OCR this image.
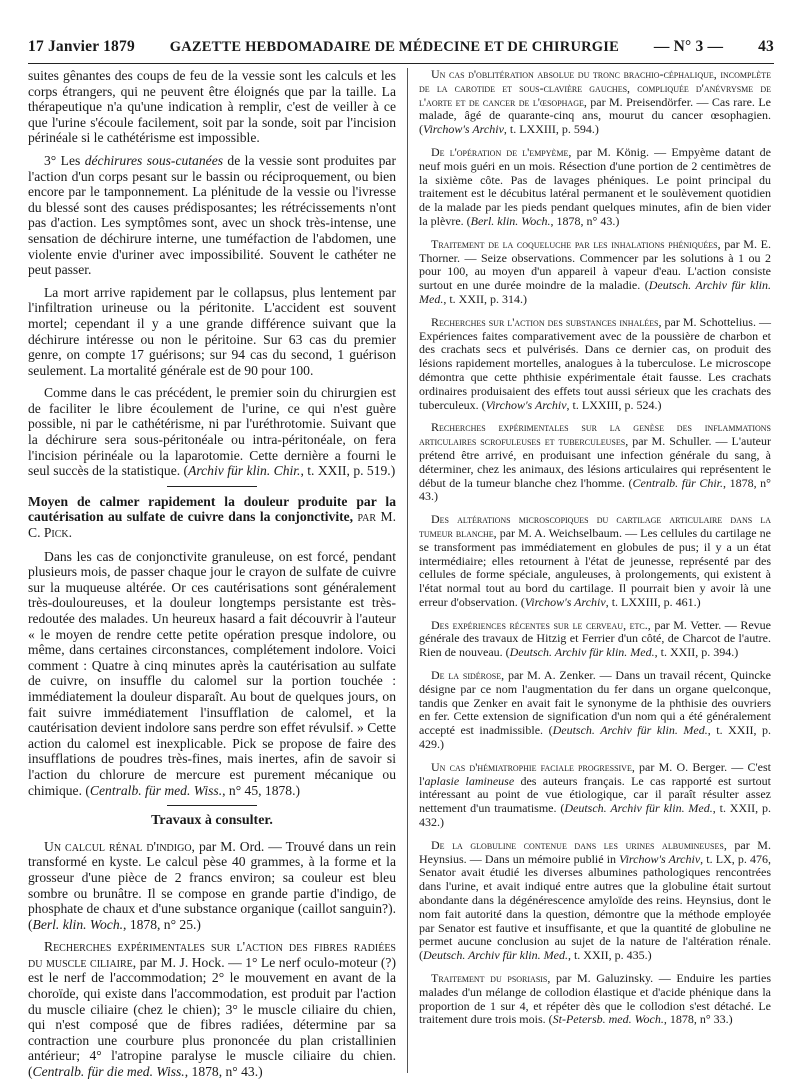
17 Janvier 1879 GAZETTE HEBDOMADAIRE DE MÉDECINE ET DE CHIRURGIE — N° 3 — 43

suites gênantes des coups de feu de la vessie sont les calculs et les corps étrangers, qui ne peuvent être éloignés que par la taille. La thérapeutique n'a qu'une indication à remplir, c'est de veiller à ce que l'urine s'écoule facilement, soit par la sonde, soit par l'incision périnéale si le cathétérisme est impossible.

3° Les déchirures sous-cutanées de la vessie sont produites par l'action d'un corps pesant sur le bassin ou réciproquement, ou bien encore par le tamponnement. La plénitude de la vessie ou l'ivresse du blessé sont des causes prédisposantes; les rétrécissements n'ont pas d'action. Les symptômes sont, avec un shock très-intense, une sensation de déchirure interne, une tuméfaction de l'abdomen, une violente envie d'uriner avec impossibilité. Souvent le cathéter ne peut passer.

La mort arrive rapidement par le collapsus, plus lentement par l'infiltration urineuse ou la péritonite. L'accident est souvent mortel; cependant il y a une grande différence suivant que la déchirure intéresse ou non le péritoine. Sur 63 cas du premier genre, on compte 17 guérisons; sur 94 cas du second, 1 guérison seulement. La mortalité générale est de 90 pour 100.

Comme dans le cas précédent, le premier soin du chirurgien est de faciliter le libre écoulement de l'urine, ce qui n'est guère possible, ni par le cathétérisme, ni par l'uréthrotomie. Suivant que la déchirure sera sous-péritonéale ou intra-péritonéale, on fera l'incision périnéale ou la laparotomie. Cette dernière a fourni le seul succès de la statistique. (Archiv für klin. Chir., t. XXII, p. 519.)

Moyen de calmer rapidement la douleur produite par la cautérisation au sulfate de cuivre dans la conjonctivite, par M. C. Pick.

Dans les cas de conjonctivite granuleuse, on est forcé, pendant plusieurs mois, de passer chaque jour le crayon de sulfate de cuivre sur la muqueuse altérée. Or ces cautérisations sont généralement très-douloureuses, et la douleur longtemps persistante est très-redoutée des malades. Un heureux hasard a fait découvrir à l'auteur « le moyen de rendre cette petite opération presque indolore, ou même, dans certaines circonstances, complétement indolore. Voici comment : Quatre à cinq minutes après la cautérisation au sulfate de cuivre, on insuffle du calomel sur la portion touchée : immédiatement la douleur disparaît. Au bout de quelques jours, on fait suivre immédiatement l'insufflation de calomel, et la cautérisation devient indolore sans perdre son effet révulsif. » Cette action du calomel est inexplicable. Pick se propose de faire des insufflations de poudres très-fines, mais inertes, afin de savoir si l'action du chlorure de mercure est purement mécanique ou chimique. (Centralb. für med. Wiss., n° 45, 1878.)

Travaux à consulter.

Un calcul rénal d'indigo, par M. Ord. — Trouvé dans un rein transformé en kyste. Le calcul pèse 40 grammes, à la forme et la grosseur d'une pièce de 2 francs environ; sa couleur est bleu sombre ou brunâtre. Il se compose en grande partie d'indigo, de phosphate de chaux et d'une substance organique (caillot sanguin?). (Berl. klin. Woch., 1878, n° 25.)

Recherches expérimentales sur l'action des fibres radiées du muscle ciliaire, par M. J. Hock. — 1° Le nerf oculo-moteur (?) est le nerf de l'accommodation; 2° le mouvement en avant de la choroïde, qui existe dans l'accommodation, est produit par l'action du muscle ciliaire (chez le chien); 3° le muscle ciliaire du chien, qui n'est composé que de fibres radiées, détermine par sa contraction une courbure plus prononcée du plan cristallinien antérieur; 4° l'atropine paralyse le muscle ciliaire du chien. (Centralb. für die med. Wiss., 1878, n° 43.)

Un cas d'oblitération absolue du tronc brachio-céphalique, incomplète de la carotide et sous-clavière gauches, compliquée d'anévrysme de l'aorte et de cancer de l'œsophage, par M. Preisendörfer. — Cas rare. Le malade, âgé de quarante-cinq ans, mourut du cancer œsophagien. (Virchow's Archiv, t. LXXIII, p. 594.)

De l'opération de l'empyème, par M. König. — Empyème datant de neuf mois guéri en un mois. Résection d'une portion de 2 centimètres de la sixième côte. Pas de lavages phéniques. Le point principal du traitement est le décubitus latéral permanent et le soulèvement quotidien de la malade par les pieds pendant quelques minutes, afin de bien vider la plèvre. (Berl. klin. Woch., 1878, n° 43.)

Traitement de la coqueluche par les inhalations phéniquées, par M. E. Thorner. — Seize observations. Commencer par les solutions à 1 ou 2 pour 100, au moyen d'un appareil à vapeur d'eau. L'action consiste surtout en une durée moindre de la maladie. (Deutsch. Archiv für klin. Med., t. XXII, p. 314.)

Recherches sur l'action des substances inhalées, par M. Schottelius. — Expériences faites comparativement avec de la poussière de charbon et des crachats secs et pulvérisés. Dans ce dernier cas, on produit des lésions rapidement mortelles, analogues à la tuberculose. Le microscope démontra que cette phthisie expérimentale était fausse. Les crachats ordinaires produisaient des effets tout aussi sérieux que les crachats des tuberculeux. (Virchow's Archiv, t. LXXIII, p. 524.)

Recherches expérimentales sur la genèse des inflammations articulaires scrofuleuses et tuberculeuses, par M. Schuller. — L'auteur prétend être arrivé, en produisant une infection générale du sang, à déterminer, chez les animaux, des lésions articulaires qui représentent le début de la tumeur blanche chez l'homme. (Centralb. für Chir., 1878, n° 43.)

Des altérations microscopiques du cartilage articulaire dans la tumeur blanche, par M. A. Weichselbaum. — Les cellules du cartilage ne se transforment pas immédiatement en globules de pus; il y a un état intermédiaire; elles retournent à l'état de jeunesse, représenté par des cellules de forme spéciale, anguleuses, à prolongements, qui existent à l'état normal tout au bord du cartilage. Il pourrait bien y avoir là une erreur d'observation. (Virchow's Archiv, t. LXXIII, p. 461.)

Des expériences récentes sur le cerveau, etc., par M. Vetter. — Revue générale des travaux de Hitzig et Ferrier d'un côté, de Charcot de l'autre. Rien de nouveau. (Deutsch. Archiv für klin. Med., t. XXII, p. 394.)

De la sidérose, par M. A. Zenker. — Dans un travail récent, Quincke désigne par ce nom l'augmentation du fer dans un organe quelconque, tandis que Zenker en avait fait le synonyme de la phthisie des ouvriers en fer. Cette extension de signification d'un nom qui a été généralement accepté est inadmissible. (Deutsch. Archiv für klin. Med., t. XXII, p. 429.)

Un cas d'hémiatrophie faciale progressive, par M. O. Berger. — C'est l'aplasie lamineuse des auteurs français. Le cas rapporté est surtout intéressant au point de vue étiologique, car il paraît résulter assez nettement d'un traumatisme. (Deutsch. Archiv für klin. Med., t. XXII, p. 432.)

De la globuline contenue dans les urines albumineuses, par M. Heynsius. — Dans un mémoire publié in Virchow's Archiv, t. LX, p. 476, Senator avait étudié les diverses albumines pathologiques rencontrées dans l'urine, et avait indiqué entre autres que la globuline était surtout abondante dans la dégénérescence amyloïde des reins. Heynsius, dont le nom fait autorité dans la question, démontre que la méthode employée par Senator est fautive et insuffisante, et que la quantité de globuline ne permet aucune conclusion au sujet de la nature de l'altération rénale. (Deutsch. Archiv für klin. Med., t. XXII, p. 435.)

Traitement du psoriasis, par M. Galuzinsky. — Enduire les parties malades d'un mélange de collodion élastique et d'acide phénique dans la proportion de 1 sur 4, et répéter dès que le collodion s'est détaché. Le traitement dure trois mois. (St-Petersb. med. Woch., 1878, n° 33.)
